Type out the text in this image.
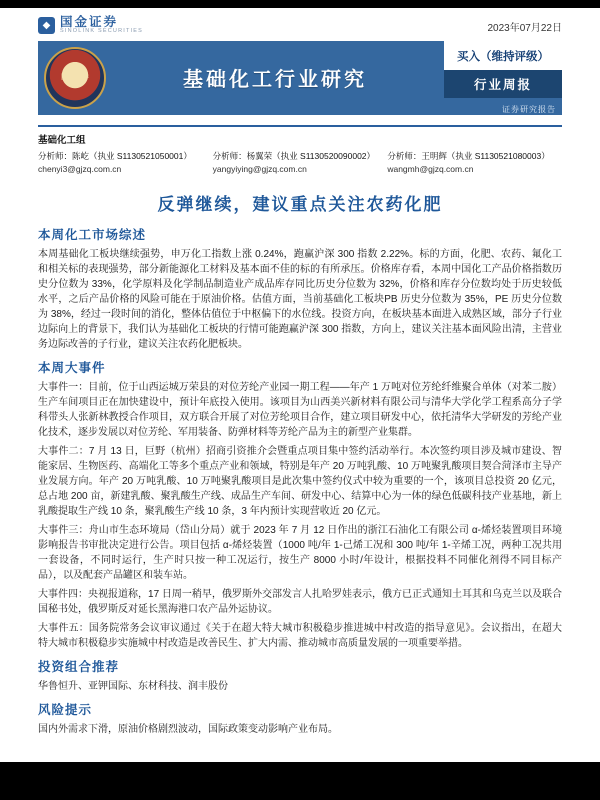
◆ 国金证券
SINOLINK SECURITIES	2023年07月22日
国金证券	基础化工行业研究
买入（维持评级）
行业周报
证券研究报告
基础化工组
分析师：陈屹（执业 S1130521050001）
chenyi3@gjzq.com.cn
分析师：杨翼荣（执业 S1130520090002）
yangyiying@gjzq.com.cn
分析师：王明辉（执业 S1130521080003）
wangmh@gjzq.com.cn
反弹继续，建议重点关注农药化肥
本周化工市场综述

本周基础化工板块继续强势，申万化工指数上涨 0.24%，跑赢沪深 300 指数 2.22%。标的方面，化肥、农药、氟化工和相关标的表现强势，部分新能源化工材料及基本面不佳的标的有所承压。价格库存看，本周中国化工产品价格指数历史分位数为 33%，化学原料及化学制品制造业产成品库存同比历史分位数为 32%，价格和库存分位数均处于历史较低水平，之后产品价格的风险可能在于原油价格。估值方面，当前基础化工板块PB 历史分位数为 35%，PE 历史分位数为 38%，经过一段时间的消化，整体估值位于中枢偏下的水位线。投资方向，在板块基本面进入成熟区域，部分子行业边际向上的背景下，我们认为基础化工板块的行情可能跑赢沪深 300 指数，方向上，建议关注基本面风险出清，主营业务边际改善的子行业，建议关注农药化肥板块。

本周大事件

大事件一：目前，位于山西运城万荣县的对位芳纶产业园一期工程——年产 1 万吨对位芳纶纤维聚合单体（对苯二胺）生产车间项目正在加快建设中，预计年底投入使用。该项目为山西美兴新材料有限公司与清华大学化学工程系高分子学科带头人张新林教授合作项目，双方联合开展了对位芳纶项目合作，建立项目研发中心，依托清华大学研发的芳纶产业化技术，逐步发展以对位芳纶、军用装备、防弹材料等芳纶产品为主的新型产业集群。

大事件二：7 月 13 日，巨野（杭州）招商引资推介会暨重点项目集中签约活动举行。本次签约项目涉及城市建设、智能家居、生物医药、高端化工等多个重点产业和领域，特别是年产 20 万吨乳酸、10 万吨聚乳酸项目契合菏泽市主导产业发展方向。年产 20 万吨乳酸、10 万吨聚乳酸项目是此次集中签约仪式中较为重要的一个，该项目总投资 20 亿元，总占地 200 亩，新建乳酸、聚乳酸生产线、成品生产车间、研发中心、结算中心为一体的绿色低碳科技产业基地，新上乳酸提取生产线 10 条，聚乳酸生产线 10 条，3 年内预计实现营收近 20 亿元。

大事件三：舟山市生态环境局（岱山分局）就于 2023 年 7 月 12 日作出的浙江石油化工有限公司 α-烯烃装置项目环境影响报告书审批决定进行公告。项目包括 α-烯烃装置（1000 吨/年 1-己烯工况和 300 吨/年 1-辛烯工况，两种工况共用一套设备，不同时运行，生产时只按一种工况运行，按生产 8000 小时/年设计，根据投料不同催化剂得不同目标产品），以及配套产品罐区和装车站。

大事件四：央视报道称，17 日周一稍早，俄罗斯外交部发言人扎哈罗娃表示，俄方已正式通知土耳其和乌克兰以及联合国秘书处，俄罗斯反对延长黑海港口农产品外运协议。

大事件五：国务院常务会议审议通过《关于在超大特大城市积极稳步推进城中村改造的指导意见》。会议指出，在超大特大城市积极稳步实施城中村改造是改善民生、扩大内需、推动城市高质量发展的一项重要举措。

投资组合推荐

华鲁恒升、亚钾国际、东材科技、润丰股份

风险提示

国内外需求下滑，原油价格剧烈波动，国际政策变动影响产业布局。
